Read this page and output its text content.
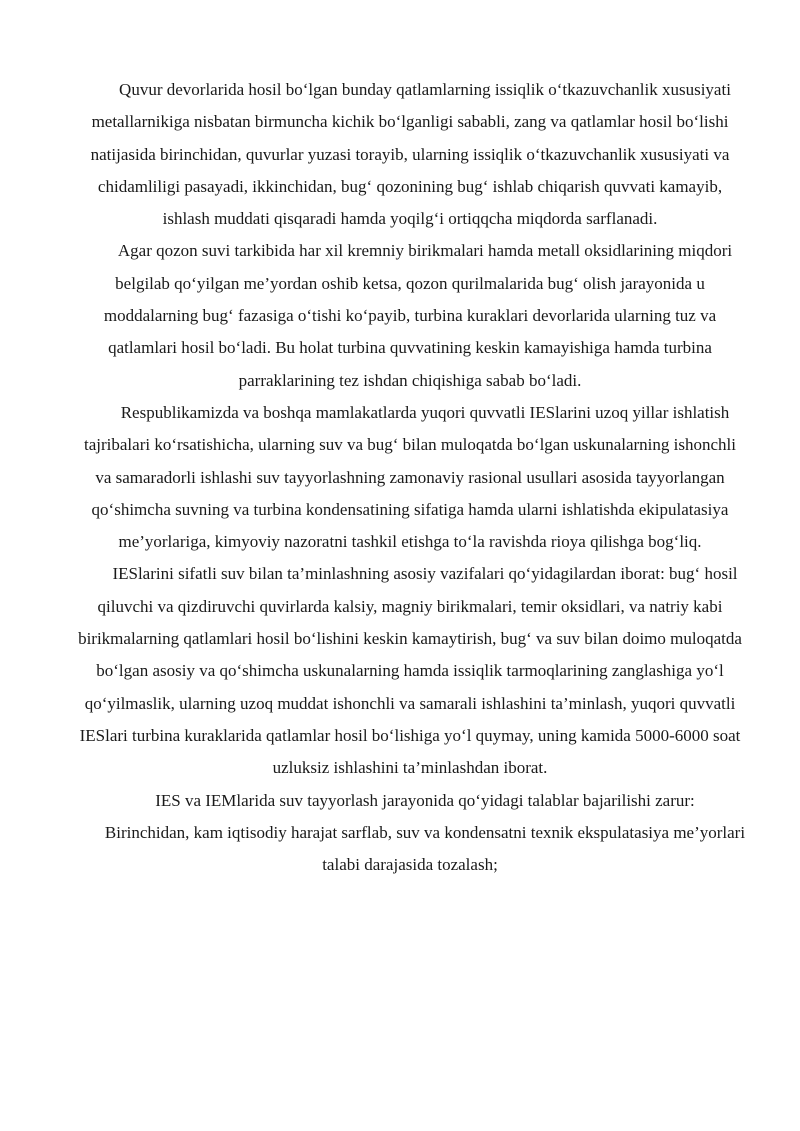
Quvur devorlarida hosil bo‘lgan bunday qatlamlarning issiqlik o‘tkazuvchanlik xususiyati metallarnikiga nisbatan birmuncha kichik bo‘lganligi sababli, zang va qatlamlar hosil bo‘lishi natijasida birinchidan, quvurlar yuzasi torayib, ularning issiqlik o‘tkazuvchanlik xususiyati va chidamliligi pasayadi, ikkinchidan, bug‘ qozonining bug‘ ishlab chiqarish quvvati kamayib, ishlash muddati qisqaradi hamda yoqilg‘i ortiqqcha miqdorda sarflanadi.

Agar qozon suvi tarkibida har xil kremniy birikmalari hamda metall oksidlarining miqdori belgilab qo‘yilgan me’yordan oshib ketsa, qozon qurilmalarida bug‘ olish jarayonida u moddalarning bug‘ fazasiga o‘tishi ko‘payib, turbina kuraklari devorlarida ularning tuz va qatlamlari hosil bo‘ladi. Bu holat turbina quvvatining keskin kamayishiga hamda turbina parraklarining tez ishdan chiqishiga sabab bo‘ladi.

Respublikamizda va boshqa mamlakatlarda yuqori quvvatli IESlarini uzoq yillar ishlatish tajribalari ko‘rsatishicha, ularning suv va bug‘ bilan muloqatda bo‘lgan uskunalarning ishonchli va samaradorli ishlashi suv tayyorlashning zamonaviy rasional usullari asosida tayyorlangan qo‘shimcha suvning va turbina kondensatining sifatiga hamda ularni ishlatishda ekipulatasiya me’yorlariga, kimyoviy nazoratni tashkil etishga to‘la ravishda rioya qilishga bog‘liq.

IESlarini sifatli suv bilan ta’minlashning asosiy vazifalari qo‘yidagilardan iborat: bug‘ hosil qiluvchi va qizdiruvchi quvirlarda kalsiy, magniy birikmalari, temir oksidlari, va natriy kabi birikmalarning qatlamlari hosil bo‘lishini keskin kamaytirish, bug‘ va suv bilan doimo muloqatda bo‘lgan asosiy va qo‘shimcha uskunalarning hamda issiqlik tarmoqlarining zanglashiga yo‘l qo‘yilmaslik, ularning uzoq muddat ishonchli va samarali ishlashini ta’minlash, yuqori quvvatli IESlari turbina kuraklarida qatlamlar hosil bo‘lishiga yo‘l quymay, uning kamida 5000-6000 soat uzluksiz ishlashini ta’minlashdan iborat.

IES va IEMlarida suv tayyorlash jarayonida qo‘yidagi talablar bajarilishi zarur:

Birinchidan, kam iqtisodiy harajat sarflab, suv va kondensatni texnik ekspulatasiya me’yorlari talabi darajasida tozalash;
